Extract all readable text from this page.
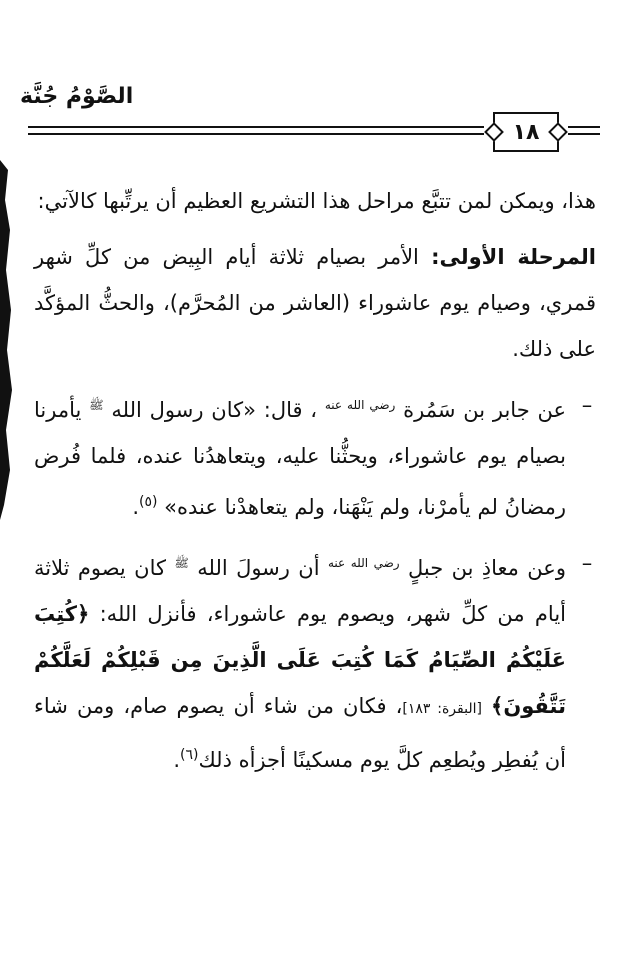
الصَّوْمُ جُنَّة
١٨

هذا، ويمكن لمن تتبَّع مراحل هذا التشريع العظيم أن يرتِّبها كالآتي:

المرحلة الأولى: الأمر بصيام ثلاثة أيام البِيض من كلِّ شهر قمري، وصيام يوم عاشوراء (العاشر من المُحرَّم)، والحثُّ المؤكَّد على ذلك.

–
عن جابر بن سَمُرة $^{رضي الله عنه}$ ، قال: «كان رسول الله $^ﷺ$ يأمرنا بصيام يوم عاشوراء، ويحثُّنا عليه، ويتعاهدُنا عنده، فلما فُرض رمضانُ لم يأمرْنا، ولم يَنْهَنا، ولم يتعاهدْنا عنده» $^{(٥)}$.
–
وعن معاذِ بن جبلٍ $^{رضي الله عنه}$ أن رسولَ الله $^ﷺ$ كان يصوم ثلاثة أيام من كلِّ شهر، ويصوم يوم عاشوراء، فأنزل الله: ﴿كُتِبَ عَلَيْكُمُ الصِّيَامُ كَمَا كُتِبَ عَلَى الَّذِينَ مِن قَبْلِكُمْ لَعَلَّكُمْ تَتَّقُونَ﴾ [البقرة: ١٨٣]، فكان من شاء أن يصوم صام، ومن شاء أن يُفطِر ويُطعِم كلَّ يوم مسكينًا أجزأه ذلك$^{(٦)}$.
